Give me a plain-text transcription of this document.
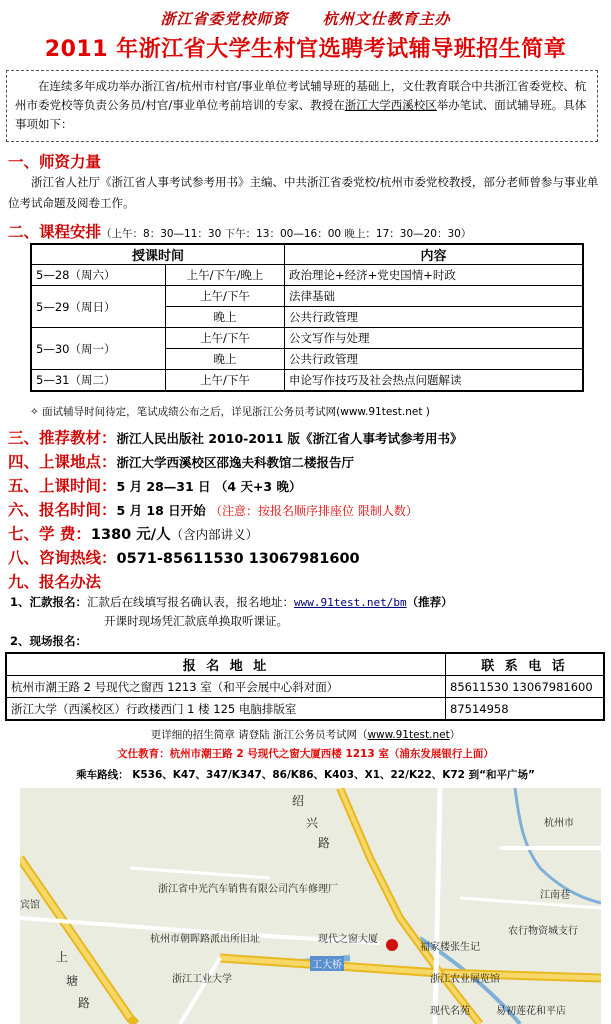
浙江省委党校师资 杭州文仕教育主办
2011 年浙江省大学生村官选聘考试辅导班招生简章
在连续多年成功举办浙江省/杭州市村官/事业单位考试辅导班的基础上，文仕教育联合中共浙江省委党校、杭州市委党校等负责公务员/村官/事业单位考前培训的专家、教授在浙江大学西溪校区举办笔试、面试辅导班。具体事项如下：
一、师资力量
浙江省人社厅《浙江省人事考试参考用书》主编、中共浙江省委党校/杭州市委党校教授，部分老师曾参与事业单位考试命题及阅卷工作。
二、课程安排（上午：8：30—11：30 下午：13：00—16：00 晚上：17：30—20：30）
授课时间		内容
5—28（周六）	上午/下午/晚上	政治理论+经济+党史国情+时政
5—29（周日）	上午/下午	法律基础
	晚上	公共行政管理
5—30（周一）	上午/下午	公文写作与处理
	晚上	公共行政管理
5—31（周二）	上午/下午	申论写作技巧及社会热点问题解读
✧ 面试辅导时间待定，笔试成绩公布之后，详见浙江公务员考试网(www.91test.net )
三、推荐教材：浙江人民出版社 2010-2011 版《浙江省人事考试参考用书》
四、上课地点：浙江大学西溪校区邵逸夫科教馆二楼报告厅
五、上课时间：5 月 28—31 日 （4 天+3 晚）
六、报名时间：5 月 18 日开始 （注意：按报名顺序排座位 限制人数）
七、学 费：1380 元/人（含内部讲义）
八、咨询热线：0571-85611530 13067981600
九、报名办法
1、汇款报名：汇款后在线填写报名确认表，报名地址：www.91test.net/bm（推荐）
开课时现场凭汇款底单换取听课证。
2、现场报名：
报 名 地 址	联 系 电 话
杭州市潮王路 2 号现代之窗西 1213 室（和平会展中心斜对面）	85611530 13067981600
浙江大学（西溪校区）行政楼西门 1 楼 125 电脑排版室	87514958
更详细的招生简章 请登陆 浙江公务员考试网（www.91test.net）
文仕教育：杭州市潮王路 2 号现代之窗大厦西楼 1213 室（浦东发展银行上面）
绍
兴
路
杭州市
浙江省中光汽车销售有限公司汽车修理厂
杭州市朝晖路派出所旧址	现代之窗大厦
福家楼张生记
农行物资城支行
江南巷
浙江工业大学	浙江农业展览馆
上
塘
路
现代名苑	易初莲花和平店
工大桥
宾馆
乘车路线： K536、K47、347/K347、86/K86、K403、X1、22/K22、K72 到“和平广场”
